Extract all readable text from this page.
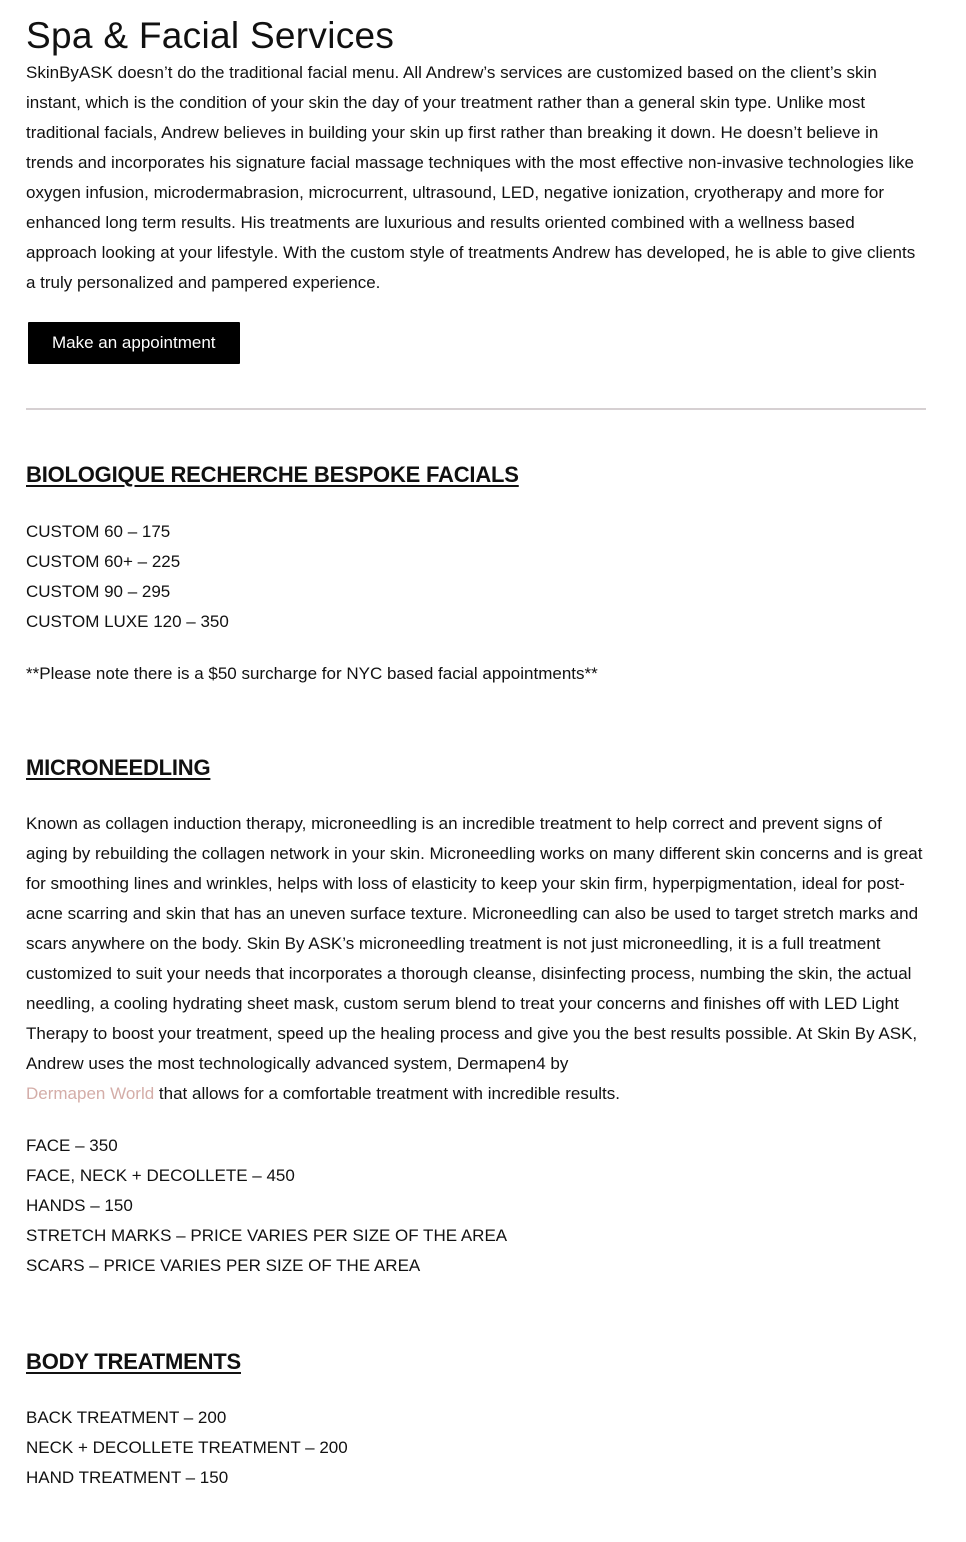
Spa & Facial Services

SkinByASK doesn’t do the traditional facial menu. All Andrew’s services are customized based on the client’s skin instant, which is the condition of your skin the day of your treatment rather than a general skin type. Unlike most traditional facials, Andrew believes in building your skin up first rather than breaking it down. He doesn’t believe in trends and incorporates his signature facial massage techniques with the most effective non-invasive technologies like oxygen infusion, microdermabrasion, microcurrent, ultrasound, LED, negative ionization, cryotherapy and more for enhanced long term results. His treatments are luxurious and results oriented combined with a wellness based approach looking at your lifestyle. With the custom style of treatments Andrew has developed, he is able to give clients a truly personalized and pampered experience.

Make an appointment
BIOLOGIQUE RECHERCHE BESPOKE FACIALS
CUSTOM 60 – 175
CUSTOM 60+ – 225
CUSTOM 90 – 295
CUSTOM LUXE 120 – 350

**Please note there is a $50 surcharge for NYC based facial appointments**

MICRONEEDLING

Known as collagen induction therapy, microneedling is an incredible treatment to help correct and prevent signs of aging by rebuilding the collagen network in your skin. Microneedling works on many different skin concerns and is great for smoothing lines and wrinkles, helps with loss of elasticity to keep your skin firm, hyperpigmentation, ideal for post-acne scarring and skin that has an uneven surface texture. Microneedling can also be used to target stretch marks and scars anywhere on the body. Skin By ASK’s microneedling treatment is not just microneedling, it is a full treatment customized to suit your needs that incorporates a thorough cleanse, disinfecting process, numbing the skin, the actual needling, a cooling hydrating sheet mask, custom serum blend to treat your concerns and finishes off with LED Light Therapy to boost your treatment, speed up the healing process and give you the best results possible. At Skin By ASK, Andrew uses the most technologically advanced system, Dermapen4 by
Dermapen World that allows for a comfortable treatment with incredible results.

FACE – 350
FACE, NECK + DECOLLETE – 450
HANDS – 150
STRETCH MARKS – PRICE VARIES PER SIZE OF THE AREA
SCARS – PRICE VARIES PER SIZE OF THE AREA
BODY TREATMENTS
BACK TREATMENT – 200
NECK + DECOLLETE TREATMENT – 200
HAND TREATMENT – 150
